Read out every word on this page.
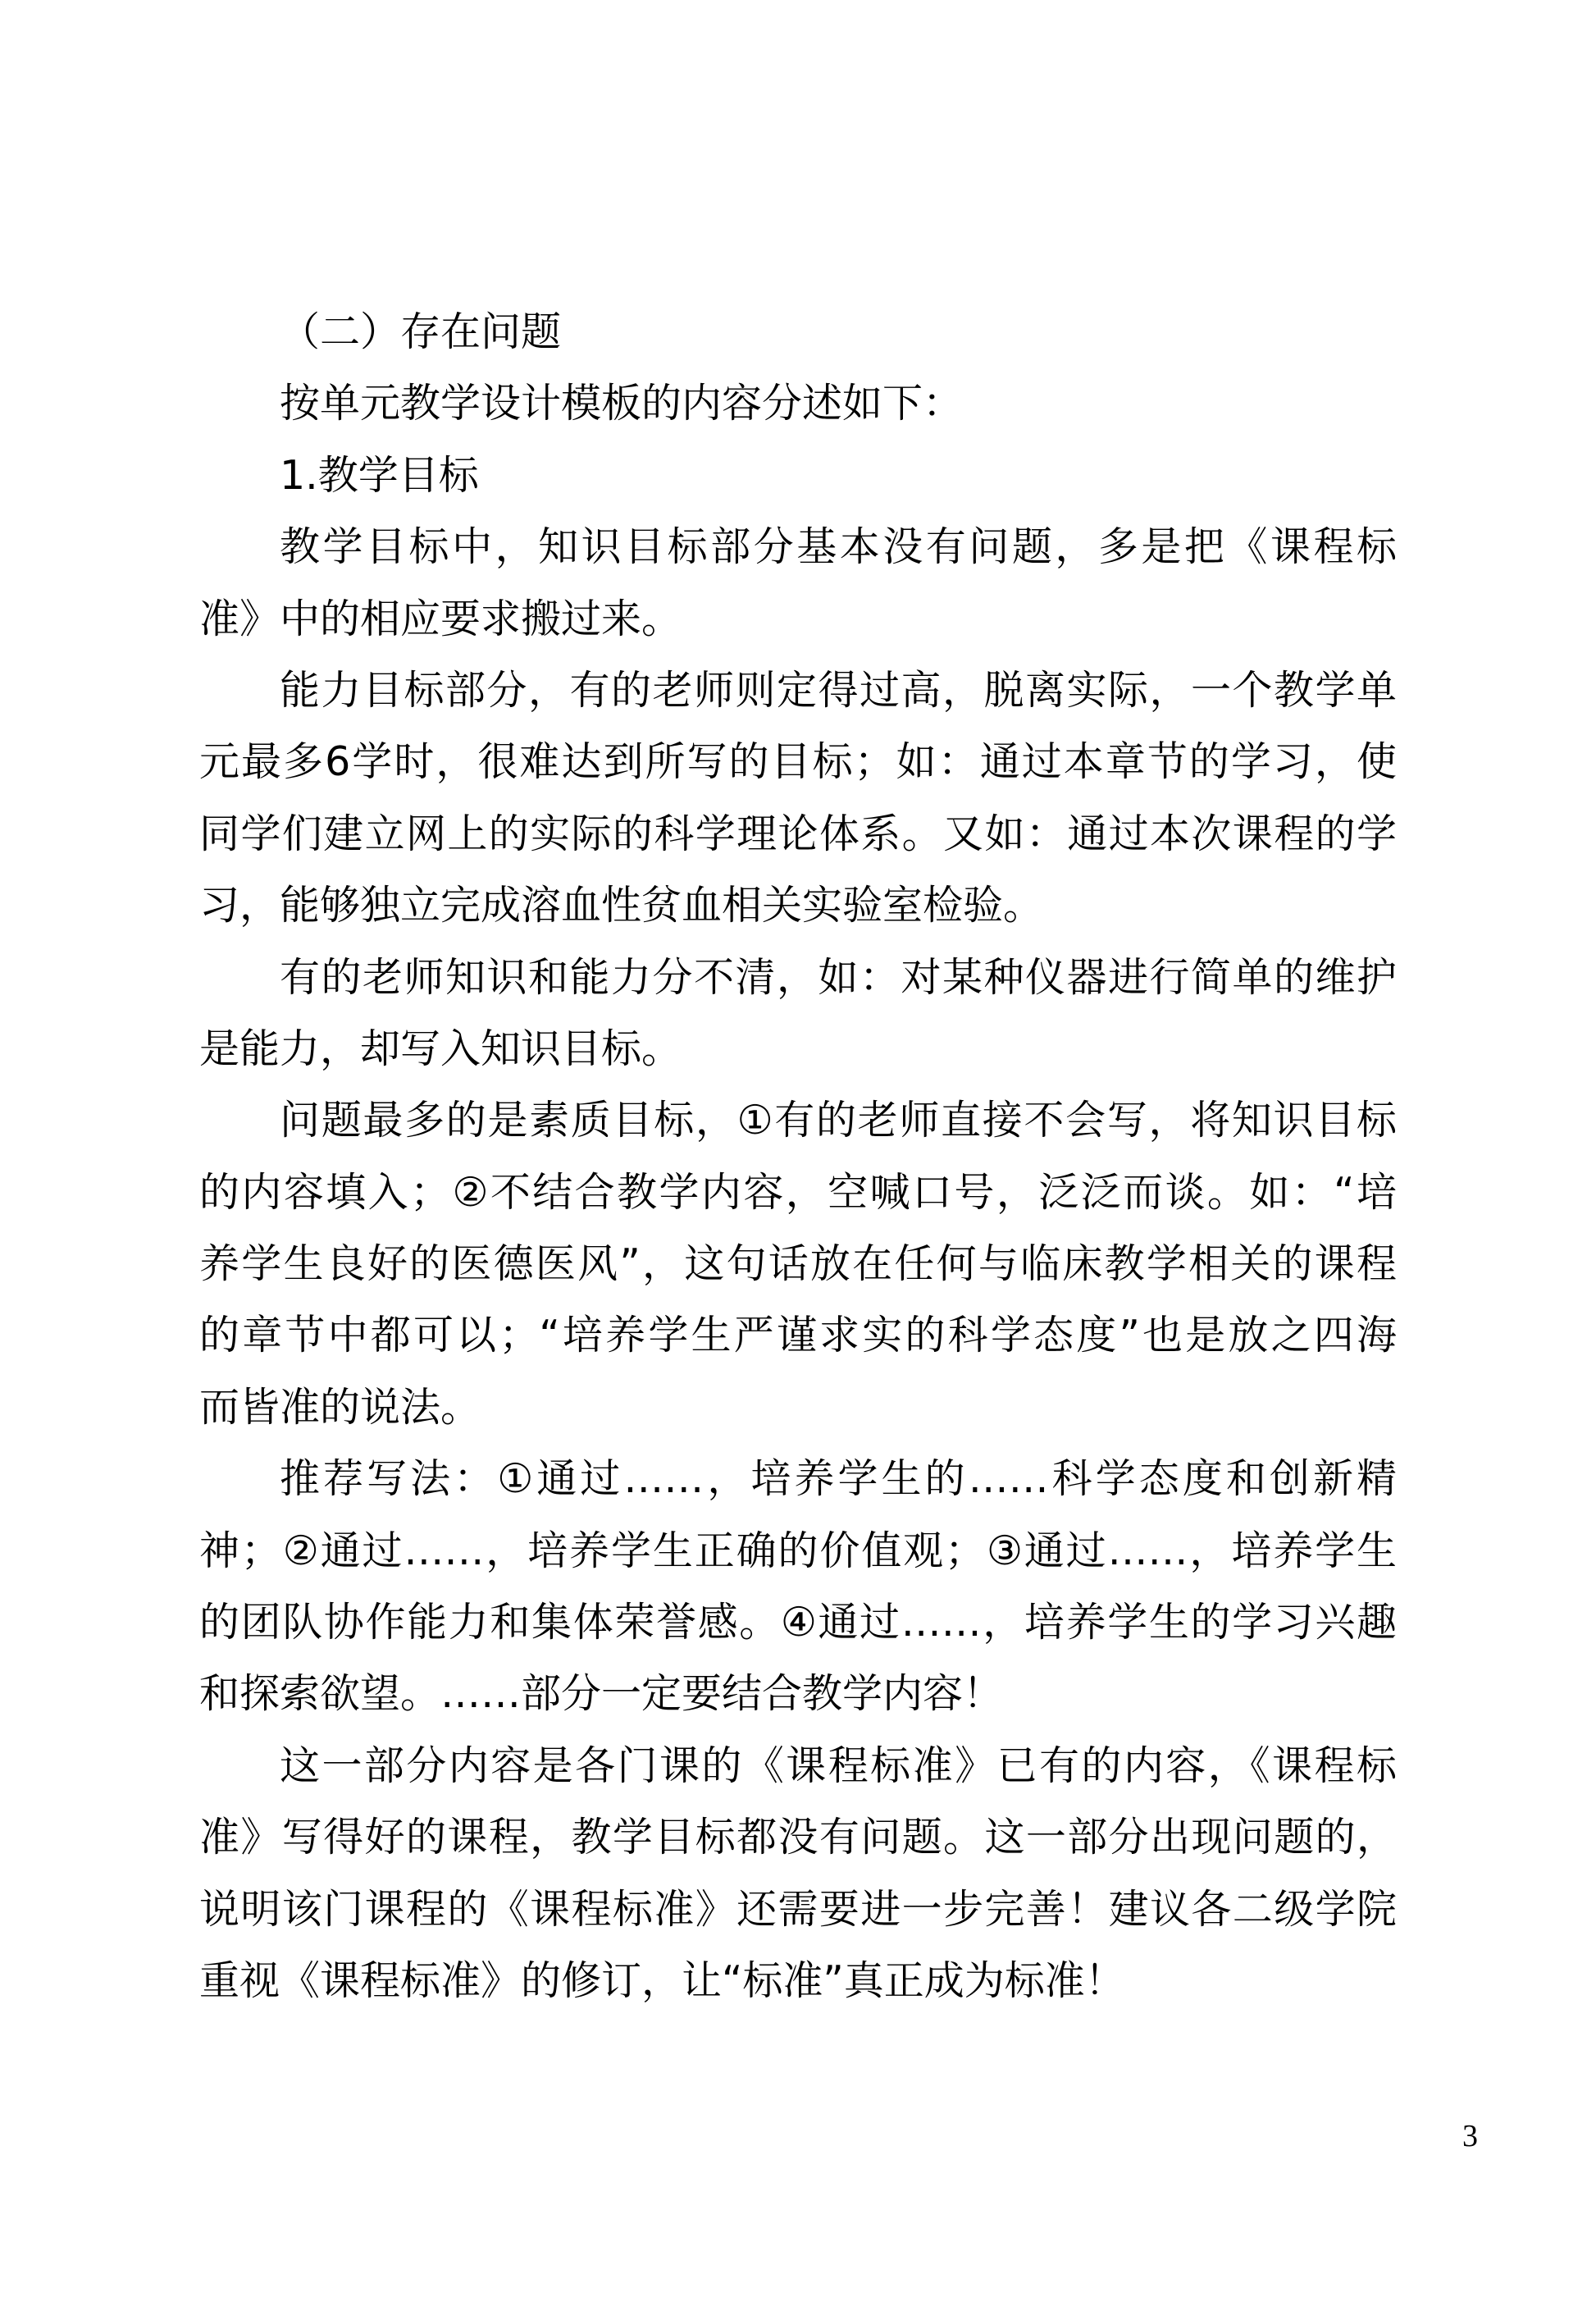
（二）存在问题
按单元教学设计模板的内容分述如下：
1.教学目标
教学目标中，知识目标部分基本没有问题，多是把《课程标
准》中的相应要求搬过来。
能力目标部分，有的老师则定得过高，脱离实际，一个教学单
元最多6学时，很难达到所写的目标；如：通过本章节的学习，使
同学们建立网上的实际的科学理论体系。又如：通过本次课程的学
习，能够独立完成溶血性贫血相关实验室检验。
有的老师知识和能力分不清，如：对某种仪器进行简单的维护
是能力，却写入知识目标。
问题最多的是素质目标，①有的老师直接不会写，将知识目标
的内容填入；②不结合教学内容，空喊口号，泛泛而谈。如：“培
养学生良好的医德医风”，这句话放在任何与临床教学相关的课程
的章节中都可以；“培养学生严谨求实的科学态度”也是放之四海
而皆准的说法。
推荐写法：①通过……，培养学生的……科学态度和创新精
神；②通过……，培养学生正确的价值观；③通过……，培养学生
的团队协作能力和集体荣誉感。④通过……，培养学生的学习兴趣
和探索欲望。……部分一定要结合教学内容！
这一部分内容是各门课的《课程标准》已有的内容，《课程标
准》写得好的课程，教学目标都没有问题。这一部分出现问题的，
说明该门课程的《课程标准》还需要进一步完善！建议各二级学院
重视《课程标准》的修订，让“标准”真正成为标准！
3
